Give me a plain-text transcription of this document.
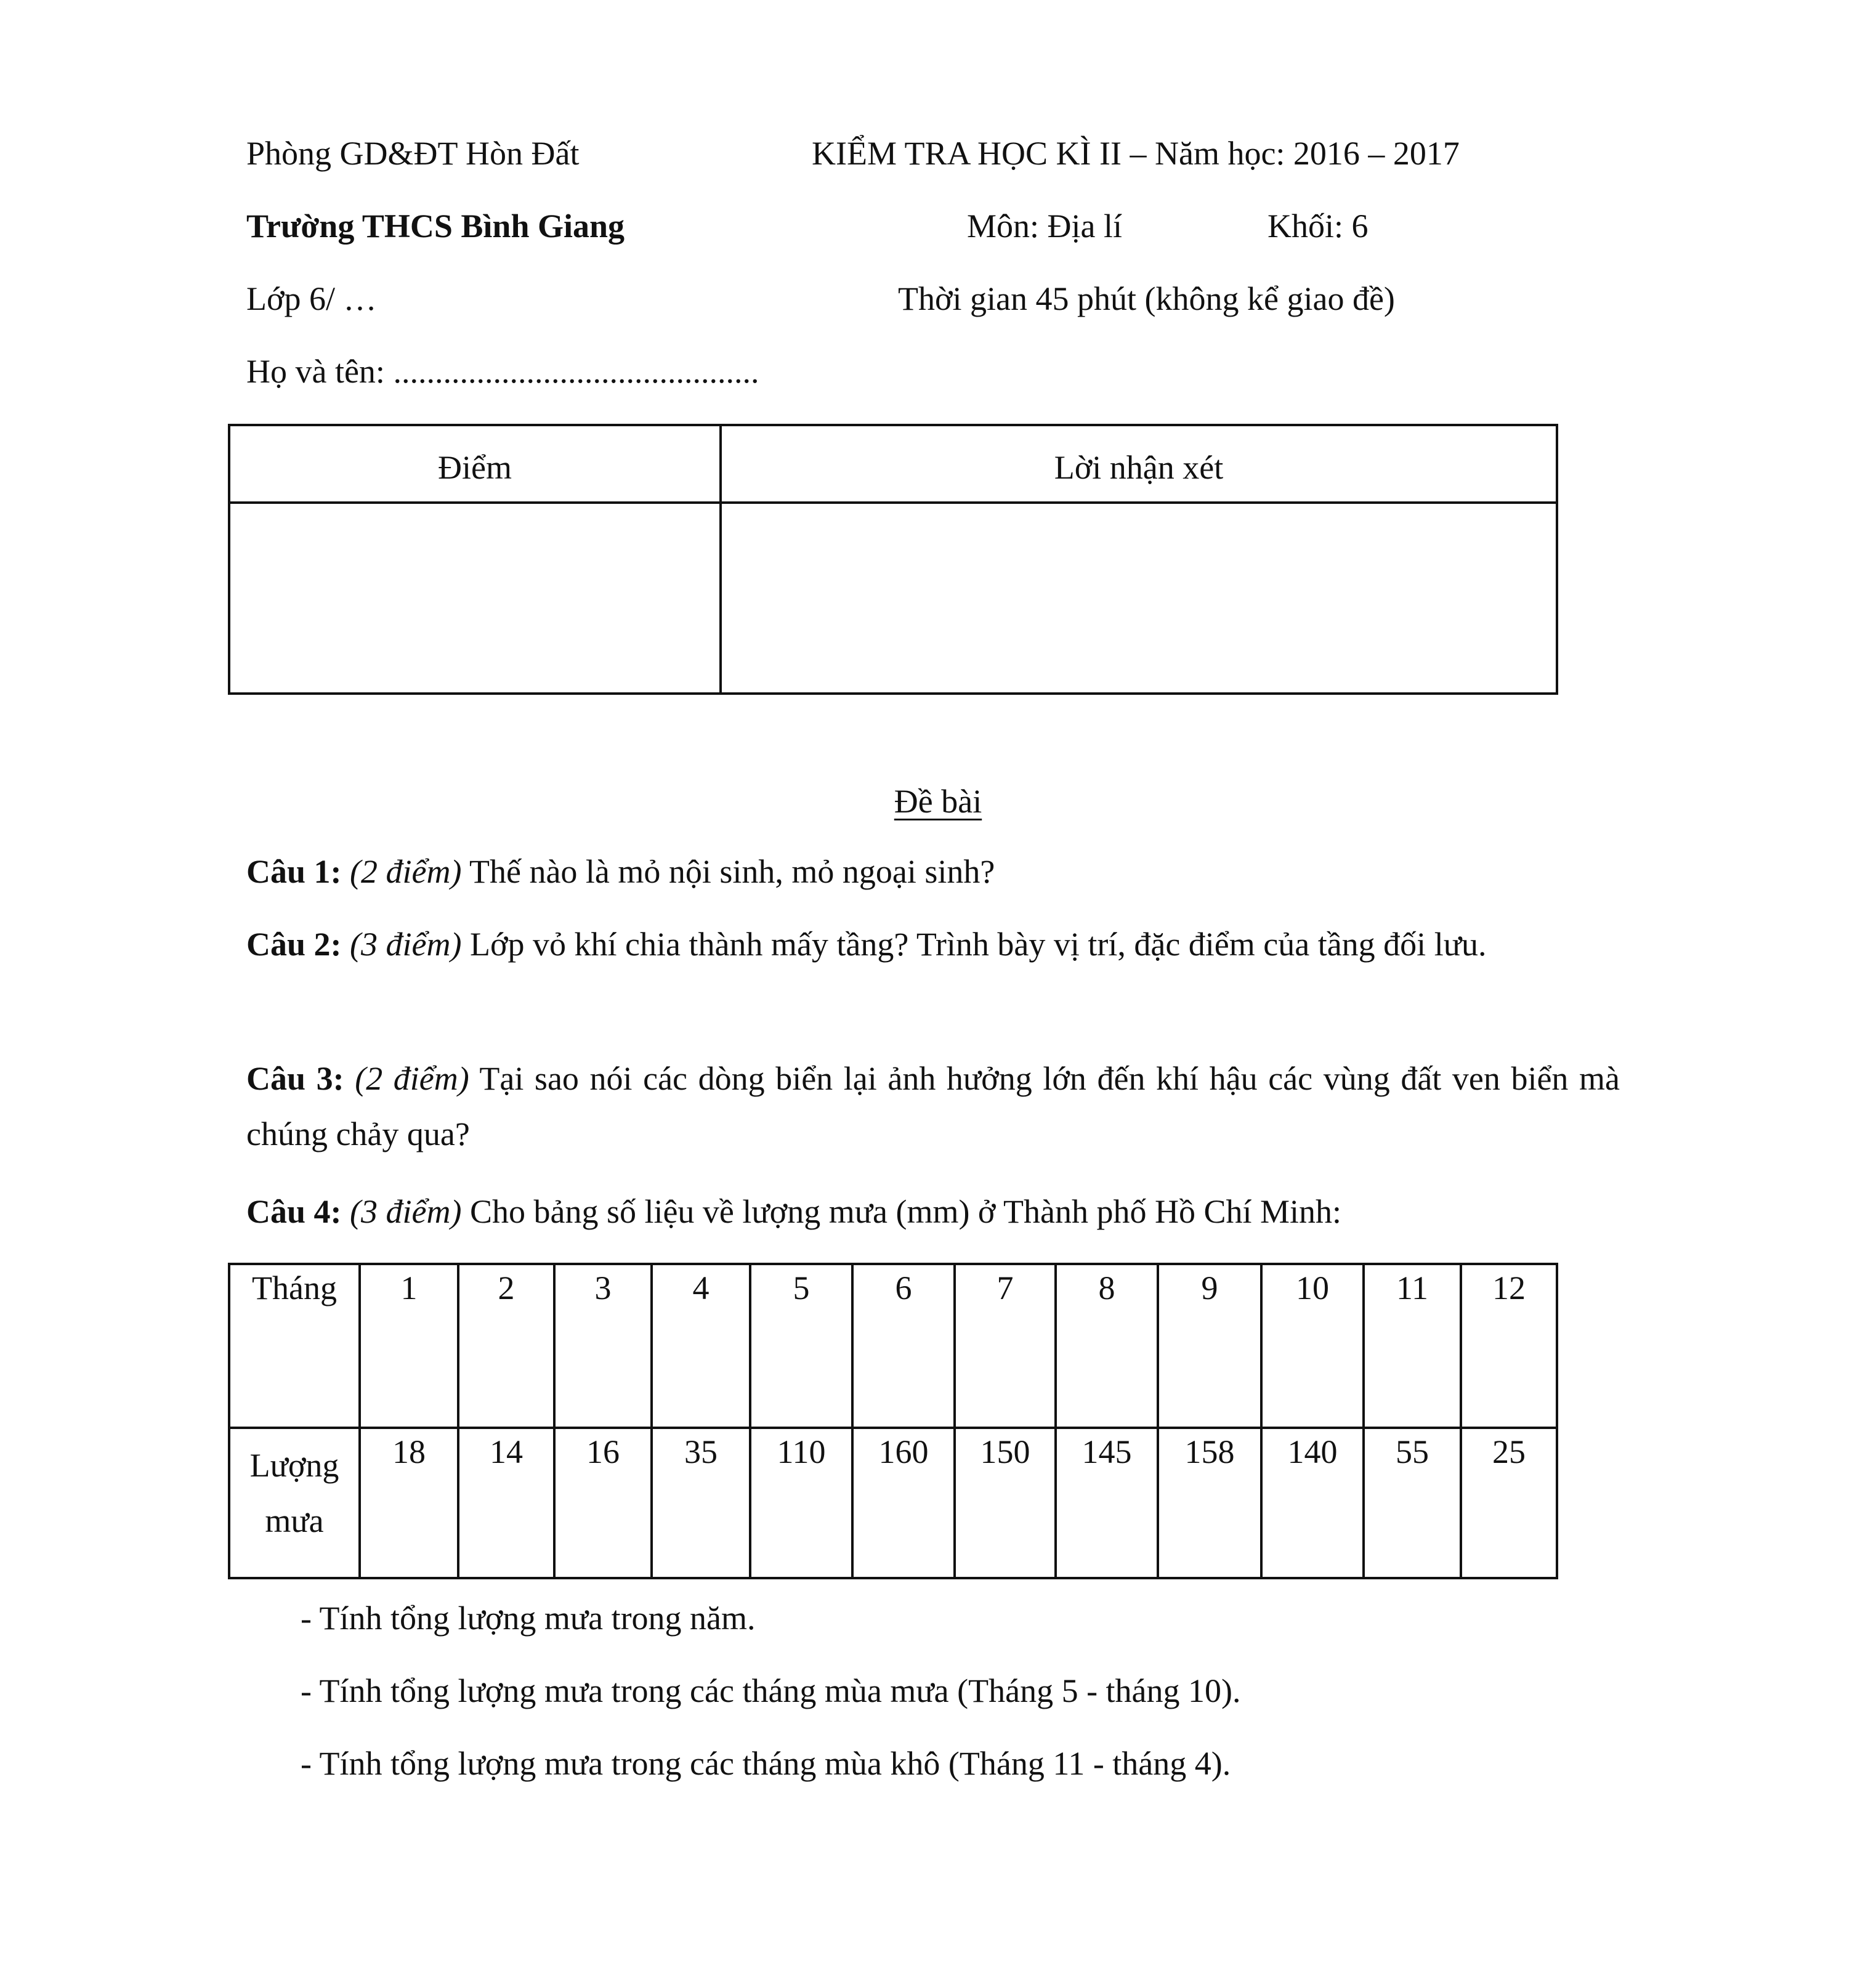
Phòng GD&ĐT Hòn Đất	KIỂM TRA HỌC KÌ II – Năm học: 2016 – 2017
Trường THCS Bình Giang	Môn: Địa lí	Khối: 6
Lớp 6/ …	Thời gian 45 phút (không kể giao đề)
Họ và tên: ............................................
Điểm	Lời nhận xét

Đề bài
Câu 1: (2 điểm) Thế nào là mỏ nội sinh, mỏ ngoại sinh?
Câu 2: (3 điểm) Lớp vỏ khí chia thành mấy tầng? Trình bày vị trí, đặc điểm của tầng đối lưu.
Câu 3: (2 điểm) Tại sao nói các dòng biển lại ảnh hưởng lớn đến khí hậu các vùng đất ven biển mà chúng chảy qua?
Câu 4: (3 điểm) Cho bảng số liệu về lượng mưa (mm) ở Thành phố Hồ Chí Minh:
Tháng	1	2	3	4	5	6	7	8	9	10	11	12
Lượng mưa	18	14	16	35	110	160	150	145	158	140	55	25
- Tính tổng lượng mưa trong năm.
- Tính tổng lượng mưa trong các tháng mùa mưa (Tháng 5 - tháng 10).
- Tính tổng lượng mưa trong các tháng mùa khô (Tháng 11 - tháng 4).
